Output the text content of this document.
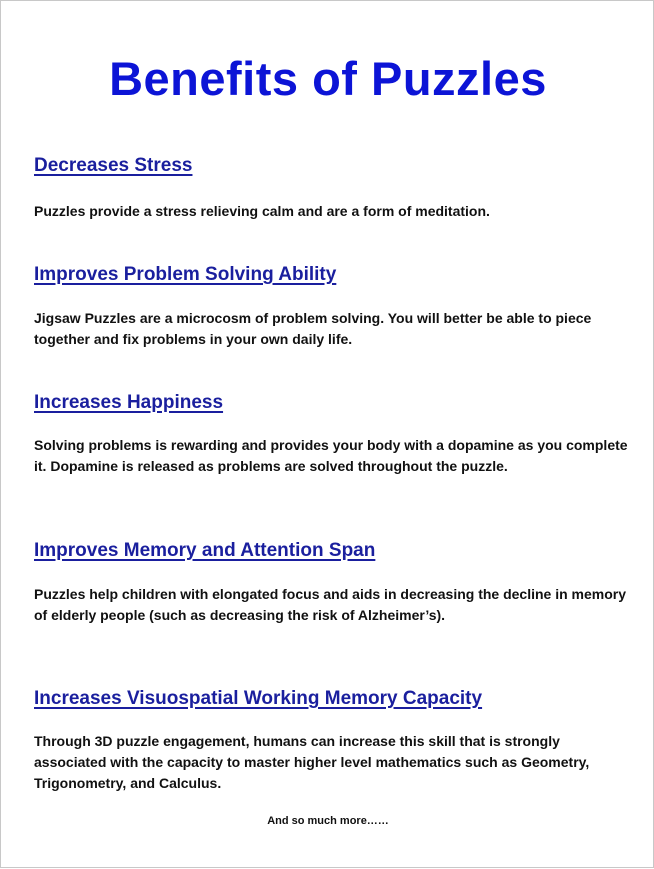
Benefits of Puzzles
Decreases Stress
Puzzles provide a stress relieving calm and are a form of meditation.
Improves Problem Solving Ability
Jigsaw Puzzles are a microcosm of problem solving. You will better be able to piece together and fix problems in your own daily life.
Increases Happiness
Solving problems is rewarding and provides your body with a dopamine as you complete it. Dopamine is released as problems are solved throughout the puzzle.
Improves Memory and Attention Span
Puzzles help children with elongated focus and aids in decreasing the decline in memory of elderly people (such as decreasing the risk of Alzheimer’s).
Increases Visuospatial Working Memory Capacity
Through 3D puzzle engagement, humans can increase this skill that is strongly associated with the capacity to master higher level mathematics such as Geometry, Trigonometry, and Calculus.
And so much more……
